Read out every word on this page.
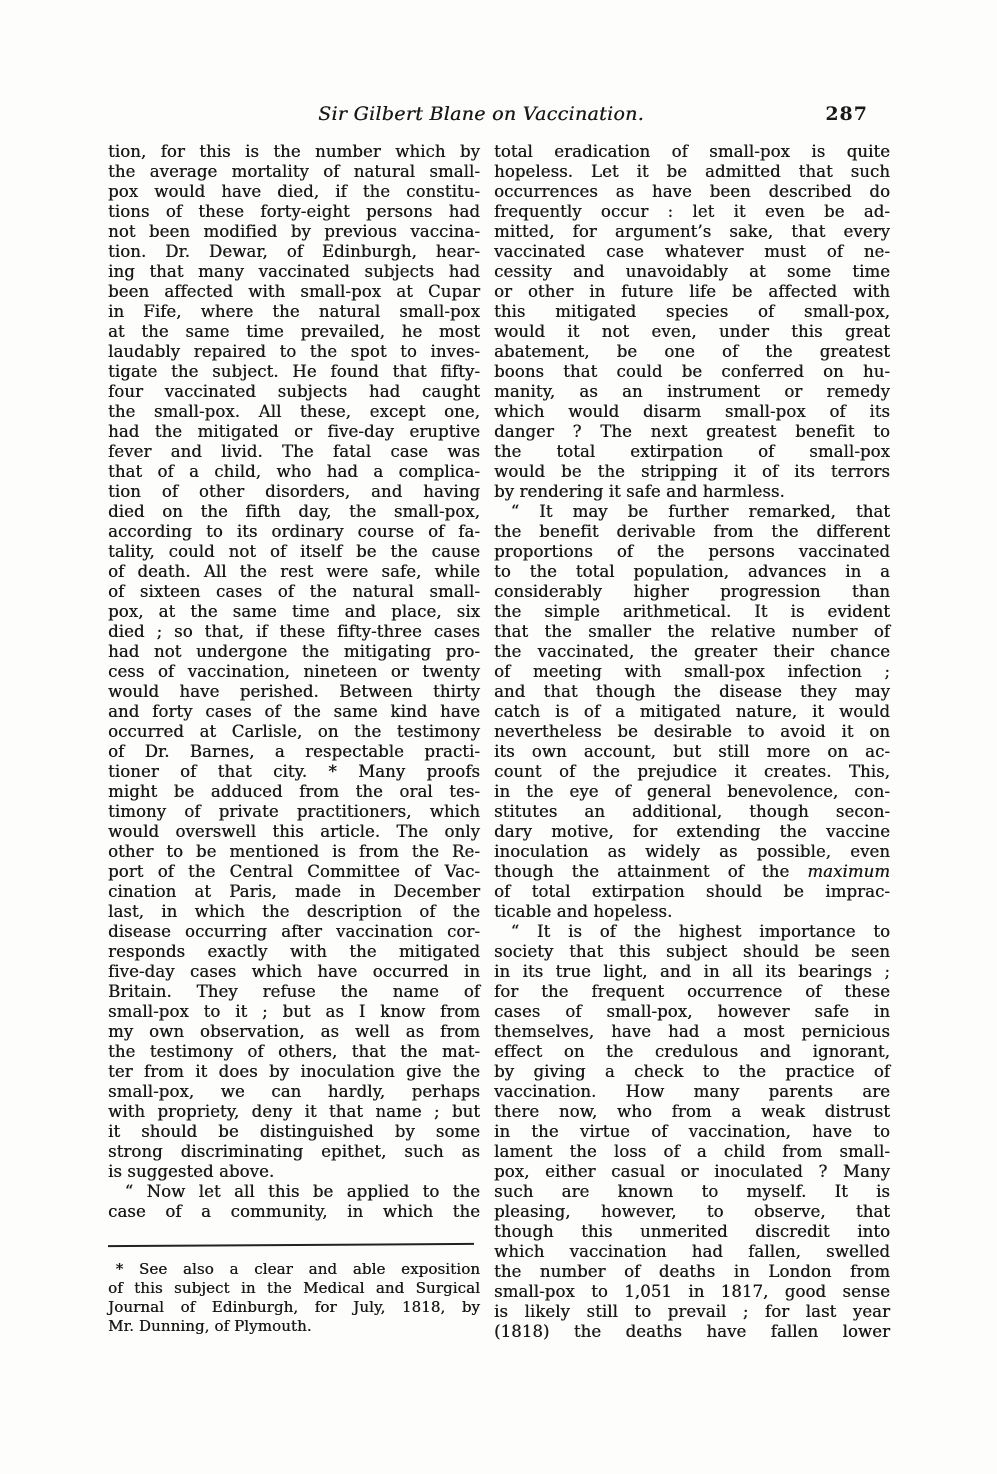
Sir Gilbert Blane on Vaccination.	287
tion, for this is the number which by
the average mortality of natural small-
pox would have died, if the constitu-
tions of these forty-eight persons had
not been modified by previous vaccina-
tion. Dr. Dewar, of Edinburgh, hear-
ing that many vaccinated subjects had
been affected with small-pox at Cupar
in Fife, where the natural small-pox
at the same time prevailed, he most
laudably repaired to the spot to inves-
tigate the subject. He found that fifty-
four vaccinated subjects had caught
the small-pox. All these, except one,
had the mitigated or five-day eruptive
fever and livid. The fatal case was
that of a child, who had a complica-
tion of other disorders, and having
died on the fifth day, the small-pox,
according to its ordinary course of fa-
tality, could not of itself be the cause
of death. All the rest were safe, while
of sixteen cases of the natural small-
pox, at the same time and place, six
died ; so that, if these fifty-three cases
had not undergone the mitigating pro-
cess of vaccination, nineteen or twenty
would have perished. Between thirty
and forty cases of the same kind have
occurred at Carlisle, on the testimony
of Dr. Barnes, a respectable practi-
tioner of that city. * Many proofs
might be adduced from the oral tes-
timony of private practitioners, which
would overswell this article. The only
other to be mentioned is from the Re-
port of the Central Committee of Vac-
cination at Paris, made in December
last, in which the description of the
disease occurring after vaccination cor-
responds exactly with the mitigated
five-day cases which have occurred in
Britain. They refuse the name of
small-pox to it ; but as I know from
my own observation, as well as from
the testimony of others, that the mat-
ter from it does by inoculation give the
small-pox, we can hardly, perhaps
with propriety, deny it that name ; but
it should be distinguished by some
strong discriminating epithet, such as
is suggested above.
 “ Now let all this be applied to the
case of a community, in which the
 * See also a clear and able exposition
of this subject in the Medical and Surgical
Journal of Edinburgh, for July, 1818, by
Mr. Dunning, of Plymouth.
total eradication of small-pox is quite
hopeless. Let it be admitted that such
occurrences as have been described do
frequently occur : let it even be ad-
mitted, for argument’s sake, that every
vaccinated case whatever must of ne-
cessity and unavoidably at some time
or other in future life be affected with
this mitigated species of small-pox,
would it not even, under this great
abatement, be one of the greatest
boons that could be conferred on hu-
manity, as an instrument or remedy
which would disarm small-pox of its
danger ? The next greatest benefit to
the total extirpation of small-pox
would be the stripping it of its terrors
by rendering it safe and harmless.
 “ It may be further remarked, that
the benefit derivable from the different
proportions of the persons vaccinated
to the total population, advances in a
considerably higher progression than
the simple arithmetical. It is evident
that the smaller the relative number of
the vaccinated, the greater their chance
of meeting with small-pox infection ;
and that though the disease they may
catch is of a mitigated nature, it would
nevertheless be desirable to avoid it on
its own account, but still more on ac-
count of the prejudice it creates. This,
in the eye of general benevolence, con-
stitutes an additional, though secon-
dary motive, for extending the vaccine
inoculation as widely as possible, even
though the attainment of the maximum
of total extirpation should be imprac-
ticable and hopeless.
 “ It is of the highest importance to
society that this subject should be seen
in its true light, and in all its bearings ;
for the frequent occurrence of these
cases of small-pox, however safe in
themselves, have had a most pernicious
effect on the credulous and ignorant,
by giving a check to the practice of
vaccination. How many parents are
there now, who from a weak distrust
in the virtue of vaccination, have to
lament the loss of a child from small-
pox, either casual or inoculated ? Many
such are known to myself. It is
pleasing, however, to observe, that
though this unmerited discredit into
which vaccination had fallen, swelled
the number of deaths in London from
small-pox to 1,051 in 1817, good sense
is likely still to prevail ; for last year
(1818) the deaths have fallen lower
